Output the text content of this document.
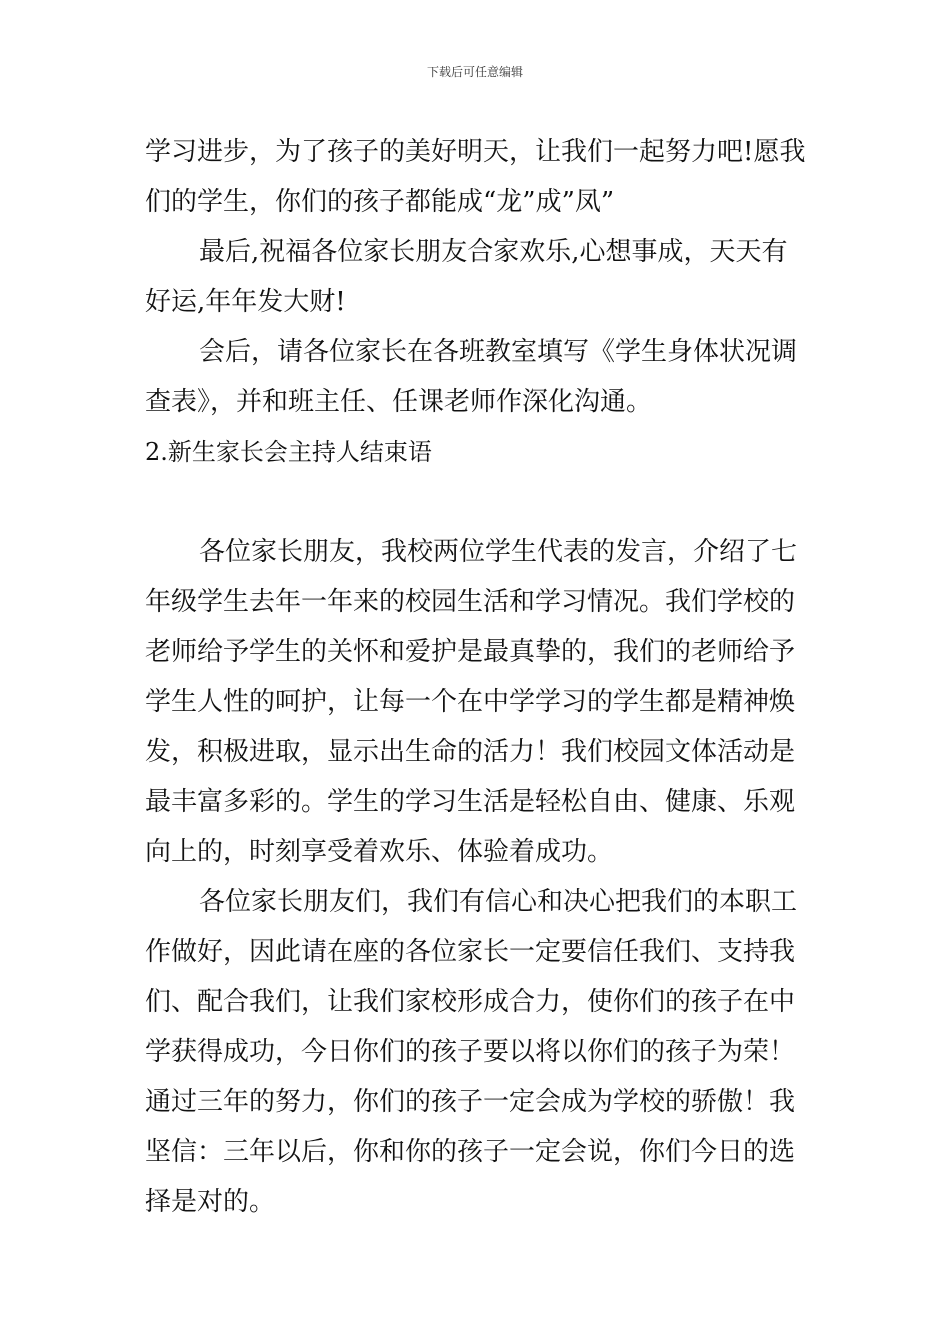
下载后可任意编辑
学习进步，为了孩子的美好明天，让我们一起努力吧!愿我
们的学生，你们的孩子都能成“龙”成”凤”
最后,祝福各位家长朋友合家欢乐,心想事成，天天有
好运,年年发大财!
会后，请各位家长在各班教室填写《学生身体状况调
查表》，并和班主任、任课老师作深化沟通。
2.新生家长会主持人结束语
各位家长朋友，我校两位学生代表的发言，介绍了七
年级学生去年一年来的校园生活和学习情况。我们学校的
老师给予学生的关怀和爱护是最真挚的，我们的老师给予
学生人性的呵护，让每一个在中学学习的学生都是精神焕
发，积极进取，显示出生命的活力！我们校园文体活动是
最丰富多彩的。学生的学习生活是轻松自由、健康、乐观
向上的，时刻享受着欢乐、体验着成功。
各位家长朋友们，我们有信心和决心把我们的本职工
作做好，因此请在座的各位家长一定要信任我们、支持我
们、配合我们，让我们家校形成合力，使你们的孩子在中
学获得成功，今日你们的孩子要以将以你们的孩子为荣！
通过三年的努力，你们的孩子一定会成为学校的骄傲！我
坚信：三年以后，你和你的孩子一定会说，你们今日的选
择是对的。
